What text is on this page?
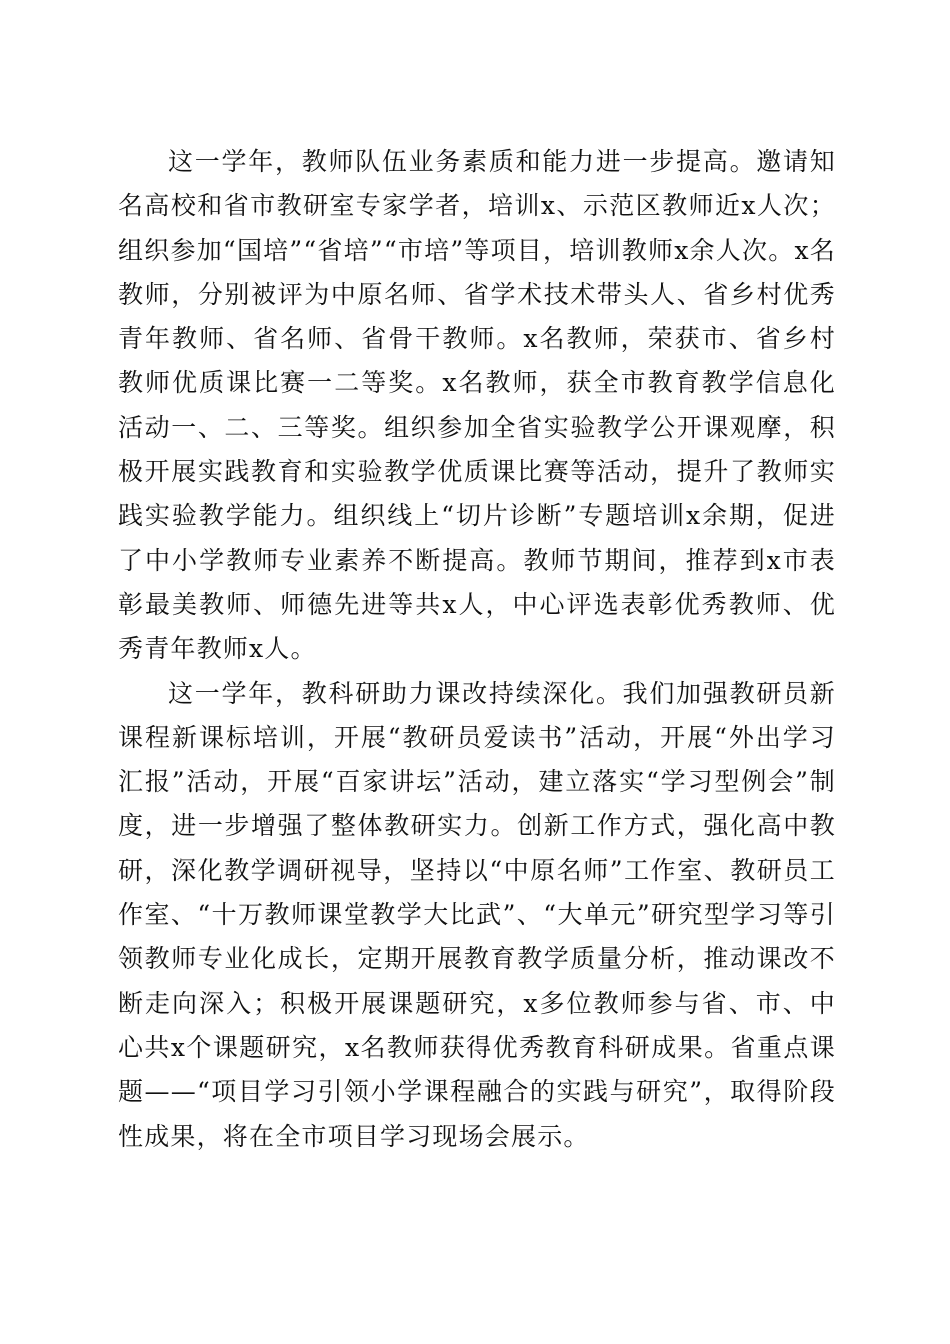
这一学年，教师队伍业务素质和能力进一步提高。邀请知名高校和省市教研室专家学者，培训x、示范区教师近x人次；组织参加“国培”“省培”“市培”等项目，培训教师x余人次。x名教师，分别被评为中原名师、省学术技术带头人、省乡村优秀青年教师、省名师、省骨干教师。x名教师，荣获市、省乡村教师优质课比赛一二等奖。x名教师，获全市教育教学信息化活动一、二、三等奖。组织参加全省实验教学公开课观摩，积极开展实践教育和实验教学优质课比赛等活动，提升了教师实践实验教学能力。组织线上“切片诊断”专题培训x余期，促进了中小学教师专业素养不断提高。教师节期间，推荐到x市表彰最美教师、师德先进等共x人，中心评选表彰优秀教师、优秀青年教师x人。

这一学年，教科研助力课改持续深化。我们加强教研员新课程新课标培训，开展“教研员爱读书”活动，开展“外出学习汇报”活动，开展“百家讲坛”活动，建立落实“学习型例会”制度，进一步增强了整体教研实力。创新工作方式，强化高中教研，深化教学调研视导，坚持以“中原名师”工作室、教研员工作室、“十万教师课堂教学大比武”、“大单元”研究型学习等引领教师专业化成长，定期开展教育教学质量分析，推动课改不断走向深入；积极开展课题研究，x多位教师参与省、市、中心共x个课题研究，x名教师获得优秀教育科研成果。省重点课题——“项目学习引领小学课程融合的实践与研究”，取得阶段性成果，将在全市项目学习现场会展示。
